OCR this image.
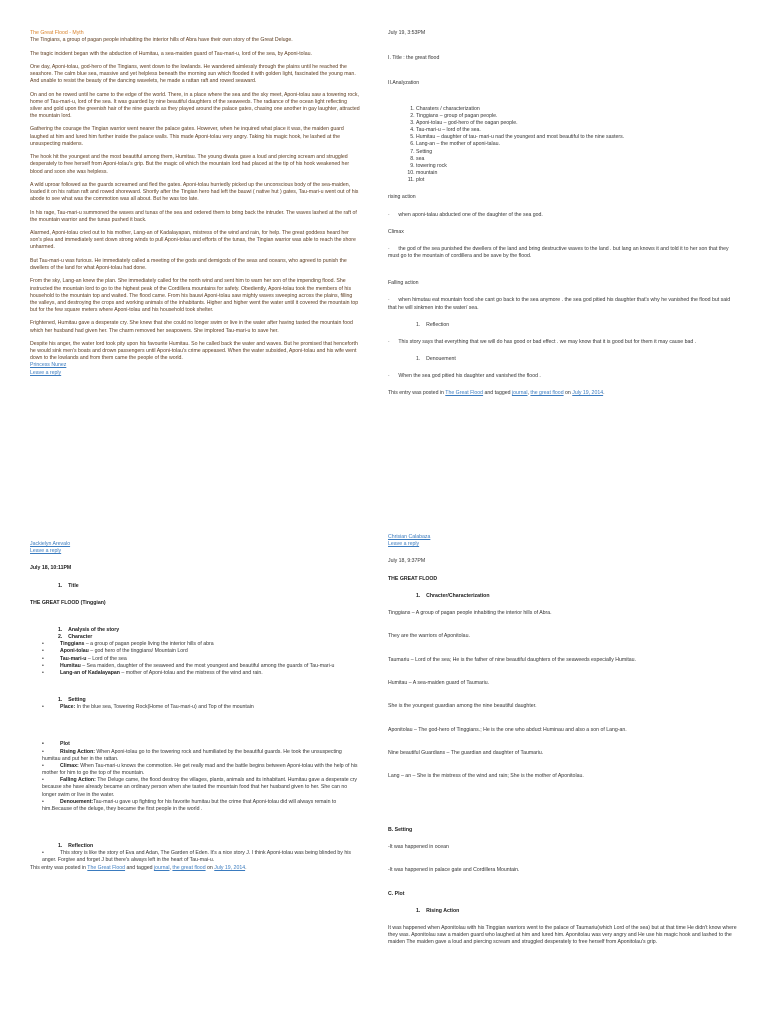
The Great Flood - Myth

The Tingians, a group of pagan people inhabiting the interior hills of Abra have their own story of the Great Deluge.

The tragic incident began with the abduction of Humitau, a sea-maiden guard of Tau-mari-u, lord of the sea, by Aponi-tolau.

One day, Aponi-tolau, god-hero of the Tingians, went down to the lowlands. He wandered aimlessly through the plains until he reached the seashore. The calm blue sea, massive and yet helpless beneath the morning sun which flooded it with golden light, fascinated the young man. And unable to resist the beauty of the dancing wavelets, he made a rattan raft and rowed seaward.

On and on he rowed until he came to the edge of the world. There, in a place where the sea and the sky meet, Aponi-tolau saw a towering rock, home of Tau-mari-u, lord of the sea. It was guarded by nine beautiful daughters of the seaweeds. The radiance of the ocean light reflecting silver and gold upon the greenish hair of the nine guards as they played around the palace gates, chasing one another in gay laughter, attracted the mountain lord.

Gathering the courage the Tingian warrior went nearer the palace gates. However, when he inquired what place it was, the maiden guard laughed at him and lured him further inside the palace walls. This made Aponi-tolau very angry. Taking his magic hook, he lashed at the unsuspecting maidens.

The hook hit the youngest and the most beautiful among them, Humitau. The young diwata gave a loud and piercing scream and struggled desperately to free herself from Aponi-tolau's grip. But the magic oil which the mountain lord had placed at the tip of his hook weakened her blood and soon she was helpless.

A wild uproar followed as the guards screamed and fled the gates. Aponi-tolau hurriedly picked up the unconscious body of the sea-maiden, loaded it on his rattan raft and rowed shoreward. Shortly after the Tingian hero had left the bauwi ( native hut ) gates, Tau-mari-u went out of his abode to see what was the commotion was all about. But he was too late.

In his rage, Tau-mari-u summoned the waves and tunas of the sea and ordered them to bring back the intruder. The waves lashed at the raft of the mountain warrior and the tunas pushed it back.

Alarmed, Aponi-tolau cried out to his mother, Lang-an of Kadalayapan, mistress of the wind and rain, for help. The great goddess heard her son's plea and immediately sent down strong winds to pull Aponi-tolau and efforts of the tunas, the Tingian warrior was able to reach the shore unharmed.

But Tau-mari-u was furious. He immediately called a meeting of the gods and demigods of the seas and oceans, who agreed to punish the dwellers of the land for what Aponi-tolau had done.

From the sky, Lang-an knew the plan. She immediately called for the north wind and sent him to warn her son of the impending flood. She instructed the mountain lord to go to the highest peak of the Cordillera mountains for safety. Obediently, Aponi-tolau took the members of his household to the mountain top and waited. The flood came. From his bauwi Aponi-tolau saw mighty waves sweeping across the plains, filling the valleys, and destroying the crops and working animals of the inhabitants. Higher and higher went the water until it covered the mountain top but for the few square meters where Aponi-tolau and his household took shelter.

Frightened, Humitau gave a desperate cry. She knew that she could no longer swim or live in the water after having tasted the mountain food which her husband had given her. The charm removed her seapowers. She implored Tau-mari-u to save her.

Despite his anger, the water lord took pity upon his favourite Humitau. So he called back the water and waves. But he promised that henceforth he would sink men's boats and drown passengers until Aponi-tolau's crime appeased. When the water subsided, Aponi-tolau and his wife went down to the lowlands and from them came the people of the world.
Princess Nunez
Leave a reply
July 19, 3:53PM
I. Title : the great flood
II.Analyzation
1. Charaters / characterization
2. Tinggians – group of pagan people.
3. Aponi-tolau – god-hero of the oagan people.
4. Tau-mari-u – lord of the sea.
5. Humitau – daughter of tau- mari-u nad the youngest and most beautiful to the nine sasters.
6. Lang-an – the mother of aponi-talau.
7. Setting
8. sea
9. towering rock
10. mountain
11. plot
rising action
·      when aponi-talau abducted one of the daughter of the sea god.
Climax
·      the god of the sea punished the dwellers of the land and bring destructive waves to the land . but lang an knows it and told it to her son that they must go to the mountain of cordillera and be save by the flood.
Falling action
·      when himutau eat mountain food she cant go back to the sea anymore . the sea god pitied his daughter that's why he vanished the flood but said that he will sinkmen into the water/ sea.
1.    Reflection
·      This story says that everything that we will do has good or bad effect . we may know that it is good but for them it may cause bad .
1.    Denouement
·      When the sea god pitied his daughter and vanished the flood .
This entry was posted in The Great Flood and tagged journal, the great flood on July 19, 2014.
Jackielyn Arevalo
Leave a reply
July 18, 10:11PM
1. Title
THE GREAT FLOOD (Tinggian)
1. Analysis of the story
2. Character
• Tinggians – a group of pagan people living the interior hills of abra
• Aponi-tolau – god hero of the tinggians/ Mountain Lord
• Tau-mari-u – Lord of the sea
• Humitau – Sea maiden, daughter of the seaweed and the most youngest and beautiful among the guards of Tau-mari-u
• Lang-an of Kadalayapan – mother of Aponi-tolau and the mistress of the wind and rain.
1. Setting
• Place: In the blue sea, Towering Rock(Home of Tau-mari-u) and Top of the mountain
• Plot
• Rising Action: When Aponi-tolau go to the towering rock and humiliated by the beautiful guards. He took the unsuspecting humitau and put her in the rattan.
• Climax: When Tau-mari-u knows the commotion. He get really mad and the battle begins between Aponi-tolau with the help of his mother for him to go the top of the mountain.
• Falling Action: The Deluge came, the flood destroy the villages, plants, animals and its inhabitant. Humitau gave a desperate cry because she have already became an ordinary person when she tasted the mountain food that her husband given to her. She can no longer swim or live in the water.
• Denouement:Tau-mari-u gave up fighting for his favorite humitau but the crime that Aponi-tolau did will always remain to him.Because of the deluge, they became the first people in the world .
1. Reflection
• This story is like the story of Eva and Adan, The Garden of Eden. It's a nice story J. I think Aponi-tolau was being blinded by his anger. Forgive and forget J but there's always left in the heart of Tau-mai-u.
This entry was posted in The Great Flood and tagged journal, the great flood on July 19, 2014.
Chrisian Calabaza
Leave a reply
July 18, 9:37PM
THE GREAT FLOOD
1. Chracter/Characterization

Tinggians – A group of pagan people inhabiting the interior hills of Abra.

They are the warriors of Aponitolau.

Taumariu – Lord of the sea; He is the father of nine beautiful daughters of the seaweeds especially Humitau.

Humitau – A sea-maiden guard of Taumariu.

She is the youngest guardian among the nine beautiful daughter.

Aponitolau – The god-hero of Tinggians.; He is the one who abduct Huminau and also a son of Lang-an.

Nine beautiful Guardians – The guardian and daughter of Taumariu.

Lang – an – She is the mistress of the wind and rain; She is the mother of Aponitolau.

B. Setting

-It was happened in ocean

-It was happened in palace gate and Cordillera Mountain.

C. Plot
1. Rising Action

It was happened when Aponitolau with his Tinggian warriors went to the palace of Taumariu(which Lord of the sea) but at that time He didn't know where they was. Aponitolau saw a maiden guard who laughed at him and lured him. Aponitolau was very angry and He use his magic hook and lashed to the maiden The maiden gave a loud and piercing scream and struggled desperately to free herself from Aponitolau's grip.
